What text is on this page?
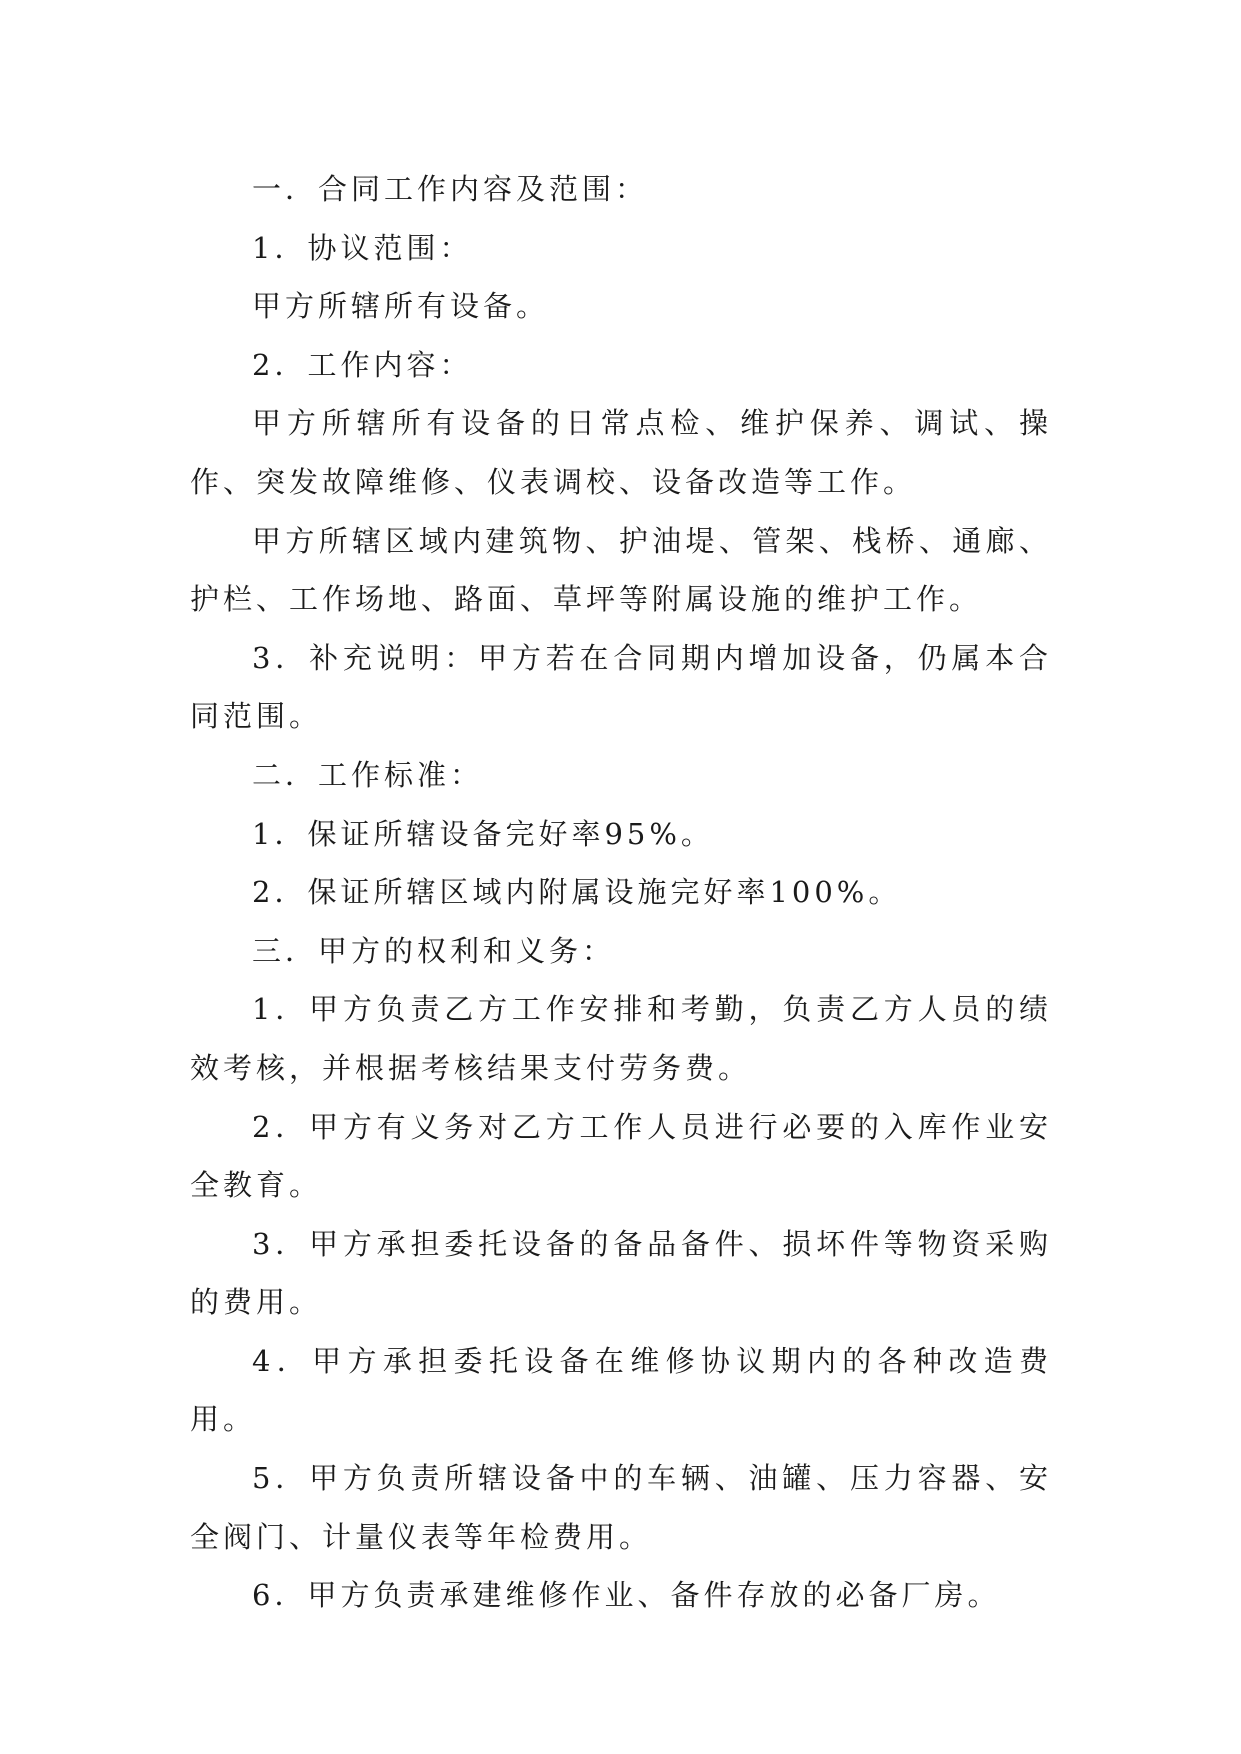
一．合同工作内容及范围：

1．协议范围：

甲方所辖所有设备。

2．工作内容：

甲方所辖所有设备的日常点检、维护保养、调试、操作、突发故障维修、仪表调校、设备改造等工作。

甲方所辖区域内建筑物、护油堤、管架、栈桥、通廊、护栏、工作场地、路面、草坪等附属设施的维护工作。

3．补充说明：甲方若在合同期内增加设备，仍属本合同范围。

二．工作标准：

1．保证所辖设备完好率95%。

2．保证所辖区域内附属设施完好率100%。

三．甲方的权利和义务：

1．甲方负责乙方工作安排和考勤，负责乙方人员的绩效考核，并根据考核结果支付劳务费。

2．甲方有义务对乙方工作人员进行必要的入库作业安全教育。

3．甲方承担委托设备的备品备件、损坏件等物资采购的费用。

4．甲方承担委托设备在维修协议期内的各种改造费用。

5．甲方负责所辖设备中的车辆、油罐、压力容器、安全阀门、计量仪表等年检费用。

6．甲方负责承建维修作业、备件存放的必备厂房。
